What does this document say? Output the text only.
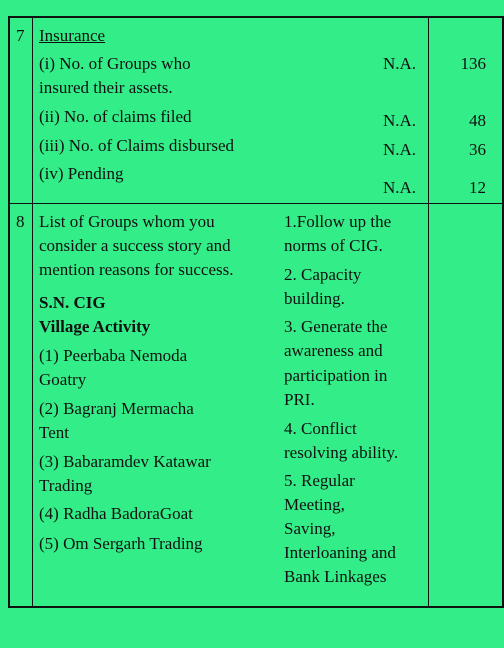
7 Insurance
(i) No. of Groups who
insured their assets.
(ii) No. of claims filed
(iii) No. of Claims disbursed
(iv) Pending
N.A.
N.A.
N.A.
N.A.
136
48
36
12
8 List of Groups whom you
consider a success story and
mention reasons for success.
S.N. CIG
Village Activity
(1) Peerbaba Nemoda
Goatry
(2) Bagranj Mermacha
Tent
(3) Babaramdev Katawar
Trading
(4) Radha BadoraGoat
(5) Om Sergarh Trading
1.Follow up the
norms of CIG.
2. Capacity
building.
3. Generate the
awareness and
participation in
PRI.
4. Conflict
resolving ability.
5. Regular
Meeting,
Saving,
Interloaning and
Bank Linkages
